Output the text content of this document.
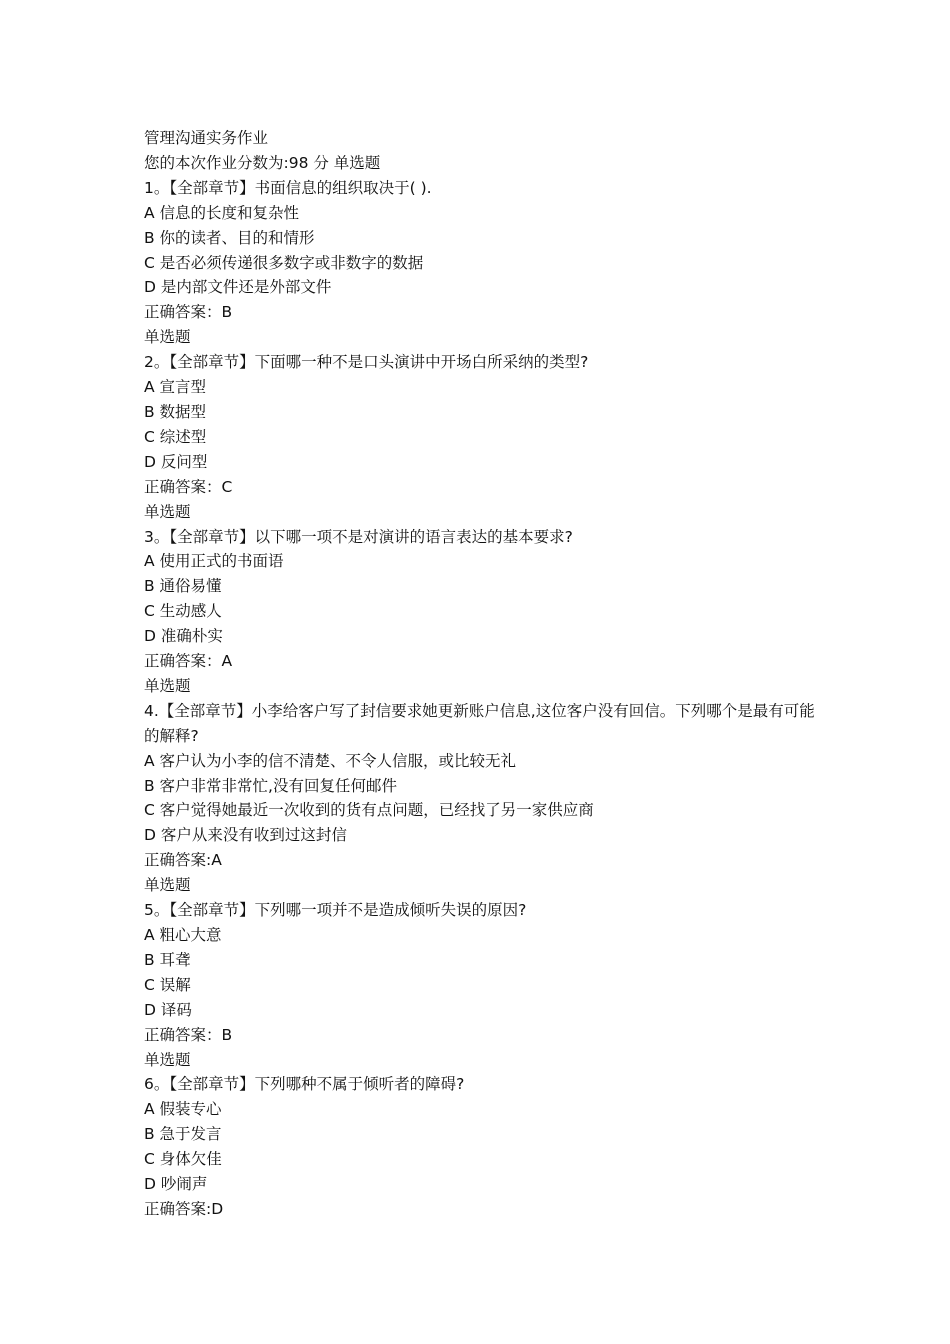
管理沟通实务作业
您的本次作业分数为:98 分 单选题
1。【全部章节】书面信息的组织取决于( ).
A 信息的长度和复杂性
B 你的读者、目的和情形
C 是否必须传递很多数字或非数字的数据
D 是内部文件还是外部文件
正确答案：B
单选题
2。【全部章节】下面哪一种不是口头演讲中开场白所采纳的类型?
A 宣言型
B 数据型
C 综述型
D 反问型
正确答案：C
单选题
3。【全部章节】以下哪一项不是对演讲的语言表达的基本要求?
A 使用正式的书面语
B 通俗易懂
C 生动感人
D 准确朴实
正确答案：A
单选题
4.【全部章节】小李给客户写了封信要求她更新账户信息,这位客户没有回信。下列哪个是最有可能的解释?
A 客户认为小李的信不清楚、不令人信服，或比较无礼
B 客户非常非常忙,没有回复任何邮件
C 客户觉得她最近一次收到的货有点问题，已经找了另一家供应商
D 客户从来没有收到过这封信
正确答案:A
单选题
5。【全部章节】下列哪一项并不是造成倾听失误的原因?
A 粗心大意
B 耳聋
C 误解
D 译码
正确答案：B
单选题
6。【全部章节】下列哪种不属于倾听者的障碍?
A 假装专心
B 急于发言
C 身体欠佳
D 吵闹声
正确答案:D
